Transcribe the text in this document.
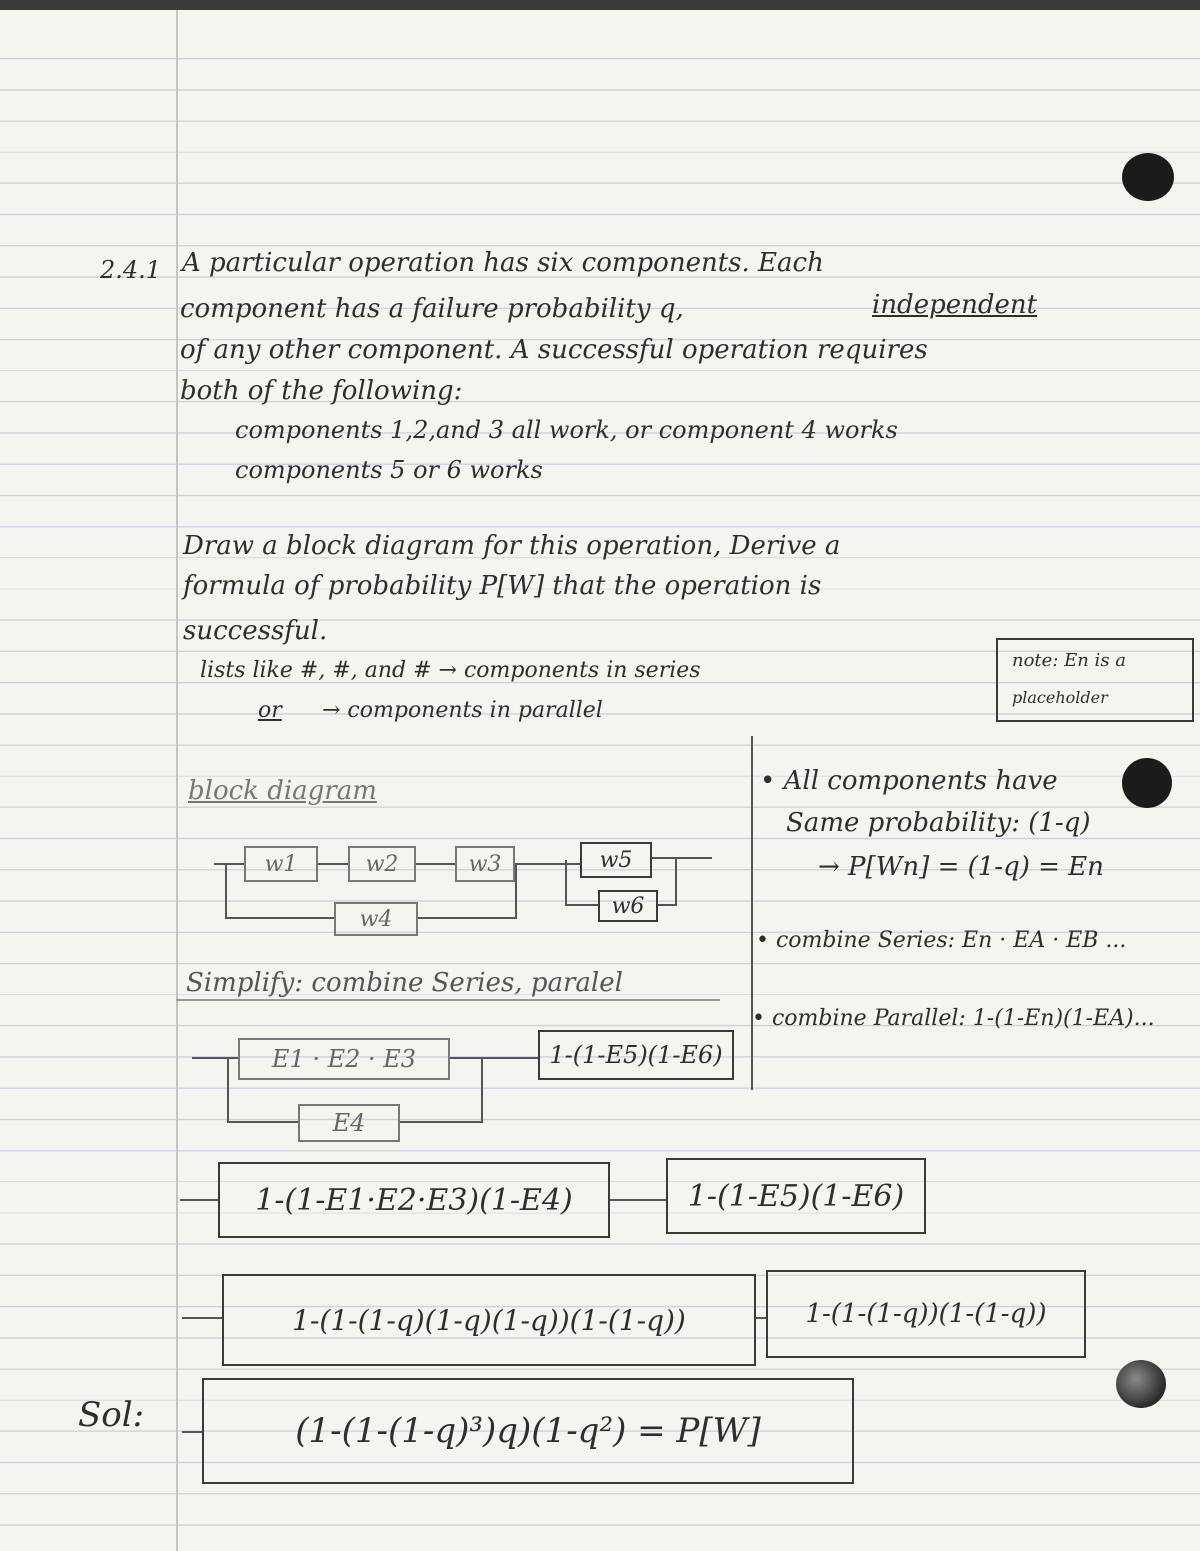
2.4.1 A particular operation has six components. Each
component has a failure probability q,	independent
of any other component. A successful operation requires
both of the following:
components 1,2,and 3 all work, or component 4 works
components 5 or 6 works
Draw a block diagram for this operation, Derive a
formula of probability P[W] that the operation is
successful.
lists like #, #, and # → components in series
or → components in parallel
note: En is a
placeholder
block diagram
w1	w2	w3	w5
w6
w4
• All components have
Same probability: (1-q)
→ P[Wn] = (1-q) = En
• combine Series: En · EA · EB ...
• combine Parallel: 1-(1-En)(1-EA)...
Simplify: combine Series, paralel
E1 · E2 · E3
E4
1-(1-E5)(1-E6)
1-(1-E1·E2·E3)(1-E4)	1-(1-E5)(1-E6)
1-(1-(1-q)(1-q)(1-q))(1-(1-q))	1-(1-(1-q))(1-(1-q))
Sol:	(1-(1-(1-q)³)q)(1-q²) = P[W]
